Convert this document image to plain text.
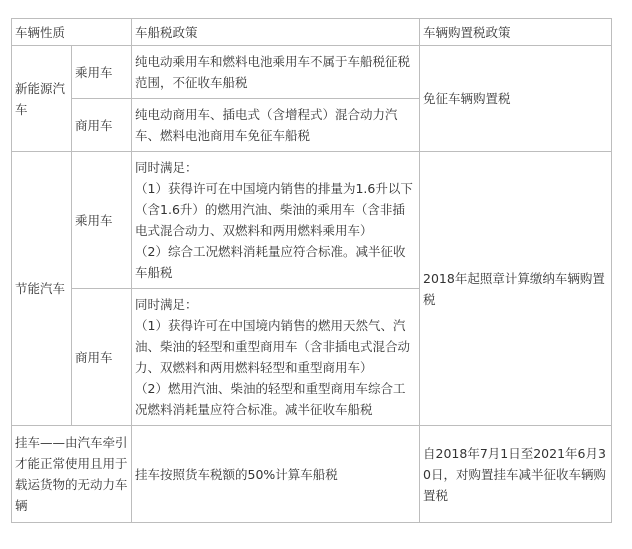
车辆性质		车船税政策	车辆购置税政策
新能源汽车	乘用车	纯电动乘用车和燃料电池乘用车不属于车船税征税范围，不征收车船税	免征车辆购置税
	商用车	纯电动商用车、插电式（含增程式）混合动力汽车、燃料电池商用车免征车船税	
节能汽车	乘用车	同时满足：
（1）获得许可在中国境内销售的排量为1.6升以下（含1.6升）的燃用汽油、柴油的乘用车（含非插电式混合动力、双燃料和两用燃料乘用车）
（2）综合工况燃料消耗量应符合标准。减半征收车船税	2018年起照章计算缴纳车辆购置税
	商用车	同时满足：
（1）获得许可在中国境内销售的燃用天然气、汽油、柴油的轻型和重型商用车（含非插电式混合动力、双燃料和两用燃料轻型和重型商用车）
（2）燃用汽油、柴油的轻型和重型商用车综合工况燃料消耗量应符合标准。减半征收车船税	

挂车——由汽车牵引才能正常使用且用于载运货物的无动力车辆		挂车按照货车税额的50%计算车船税	自2018年7月1日至2021年6月30日，对购置挂车减半征收车辆购置税
